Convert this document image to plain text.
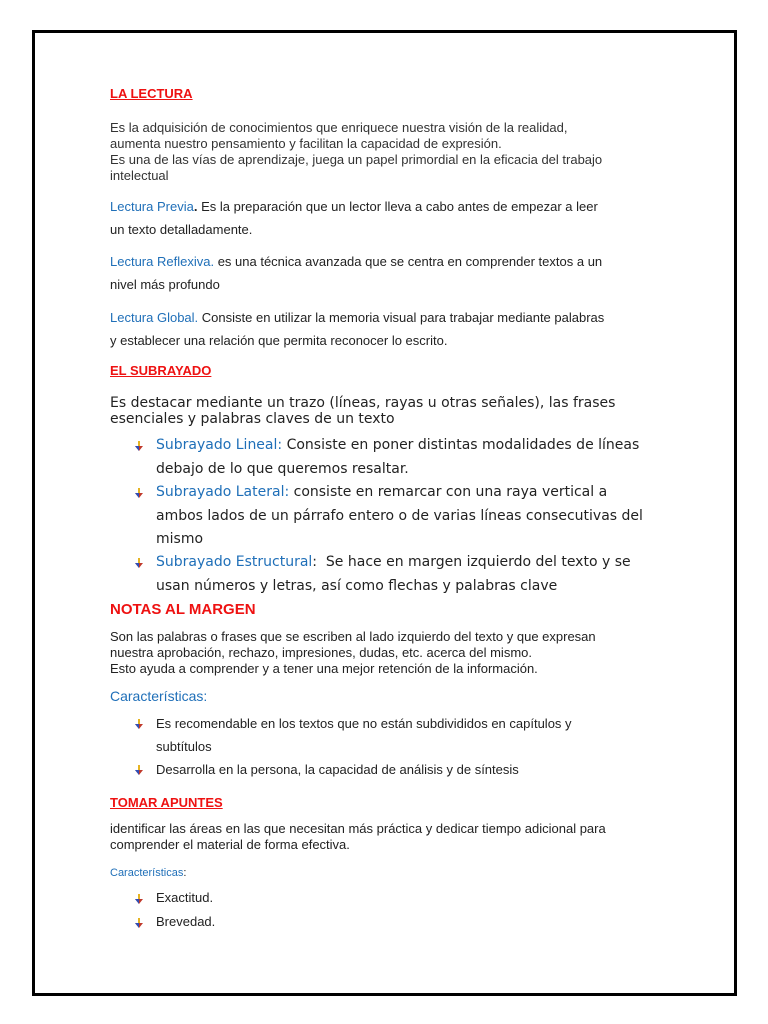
LA LECTURA
Es la adquisición de conocimientos que enriquece nuestra visión de la realidad,
aumenta nuestro pensamiento y facilitan la capacidad de expresión.
Es una de las vías de aprendizaje, juega un papel primordial en la eficacia del trabajo
intelectual
Lectura Previa. Es la preparación que un lector lleva a cabo antes de empezar a leer
un texto detalladamente.
Lectura Reflexiva. es una técnica avanzada que se centra en comprender textos a un
nivel más profundo
Lectura Global. Consiste en utilizar la memoria visual para trabajar mediante palabras
y establecer una relación que permita reconocer lo escrito.
EL SUBRAYADO
Es destacar mediante un trazo (líneas, rayas u otras señales), las frases
esenciales y palabras claves de un texto
Subrayado Lineal: Consiste en poner distintas modalidades de líneas
debajo de lo que queremos resaltar.
Subrayado Lateral: consiste en remarcar con una raya vertical a
ambos lados de un párrafo entero o de varias líneas consecutivas del
mismo
Subrayado Estructural: Se hace en margen izquierdo del texto y se
usan números y letras, así como flechas y palabras clave
NOTAS AL MARGEN
Son las palabras o frases que se escriben al lado izquierdo del texto y que expresan
nuestra aprobación, rechazo, impresiones, dudas, etc. acerca del mismo.
Esto ayuda a comprender y a tener una mejor retención de la información.
Características:
Es recomendable en los textos que no están subdivididos en capítulos y
subtítulos
Desarrolla en la persona, la capacidad de análisis y de síntesis
TOMAR APUNTES
identificar las áreas en las que necesitan más práctica y dedicar tiempo adicional para
comprender el material de forma efectiva.
Características:
Exactitud.
Brevedad.
